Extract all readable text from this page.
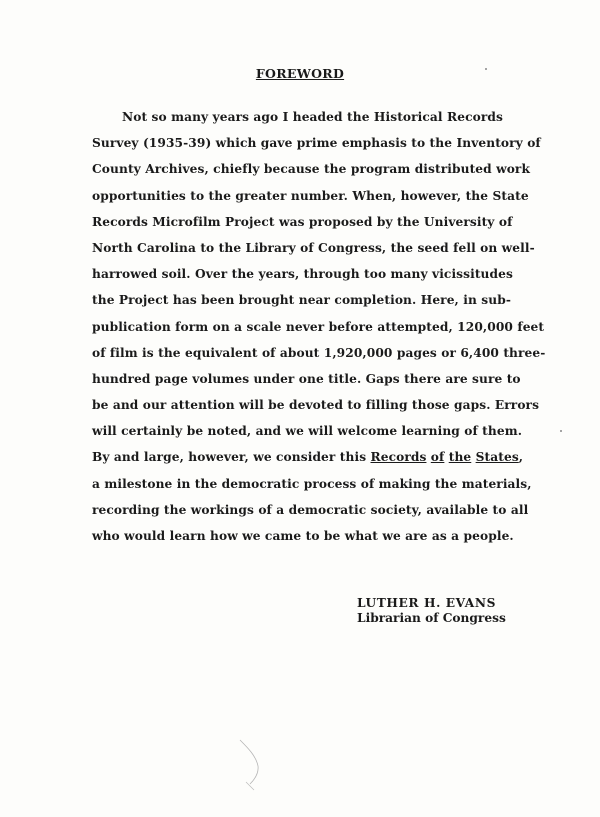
FOREWORD
Not so many years ago I headed the Historical Records
Survey (1935-39) which gave prime emphasis to the Inventory of
County Archives, chiefly because the program distributed work
opportunities to the greater number. When, however, the State
Records Microfilm Project was proposed by the University of
North Carolina to the Library of Congress, the seed fell on well-
harrowed soil. Over the years, through too many vicissitudes
the Project has been brought near completion. Here, in sub-
publication form on a scale never before attempted, 120,000 feet
of film is the equivalent of about 1,920,000 pages or 6,400 three-
hundred page volumes under one title. Gaps there are sure to
be and our attention will be devoted to filling those gaps. Errors
will certainly be noted, and we will welcome learning of them.
By and large, however, we consider this Records of the States,
a milestone in the democratic process of making the materials,
recording the workings of a democratic society, available to all
who would learn how we came to be what we are as a people.
LUTHER H. EVANS
Librarian of Congress
